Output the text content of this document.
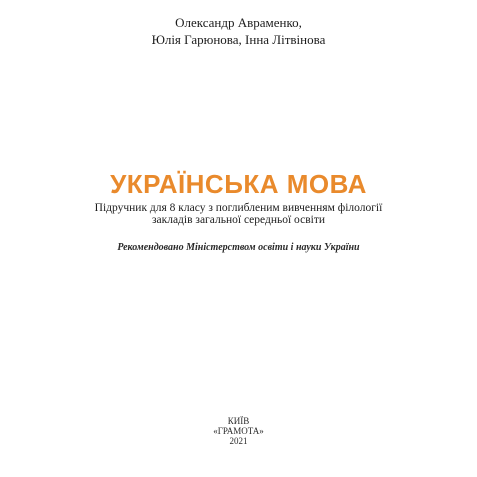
Олександр Авраменко,
Юлія Гарюнова, Інна Літвінова
УКРАЇНСЬКА МОВА
Підручник для 8 класу з поглибленим вивченням філології
закладів загальної середньої освіти
Рекомендовано Міністерством освіти і науки України
КИЇВ
«ГРАМОТА»
2021
